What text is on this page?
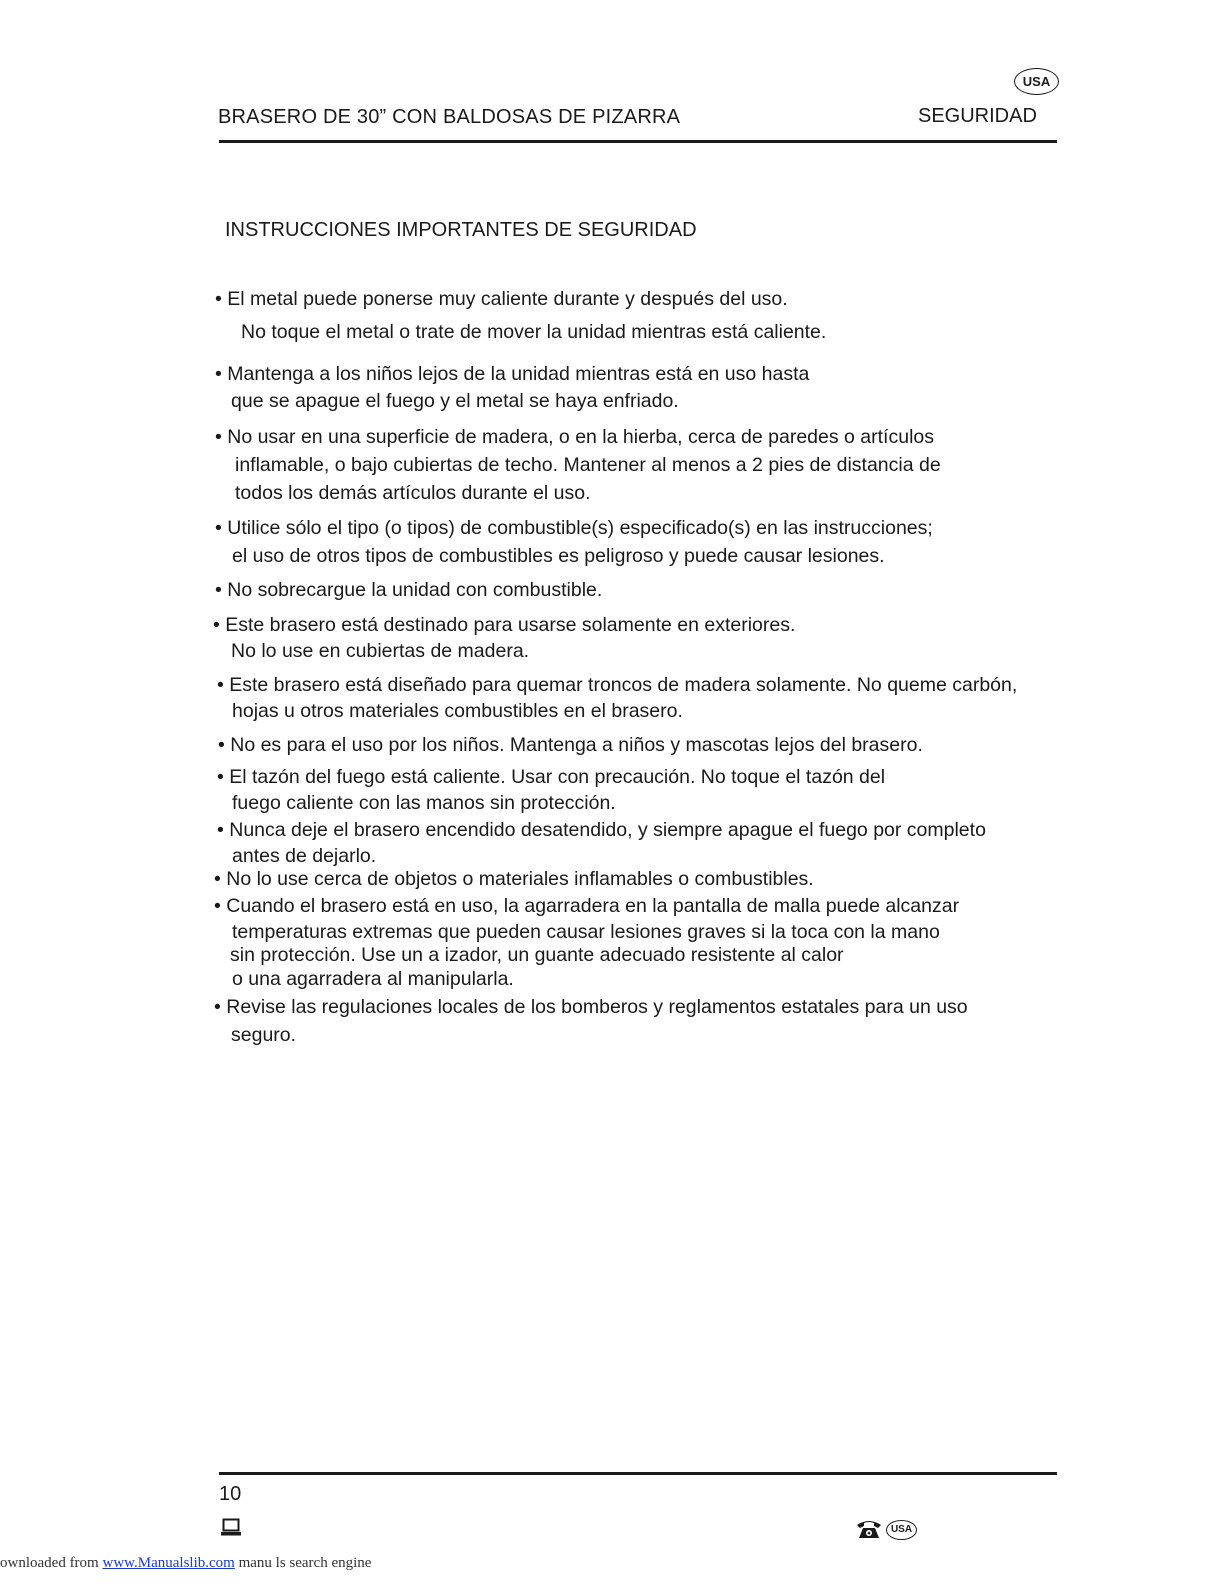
USA
BRASERO DE 30” CON BALDOSAS DE PIZARRA	SEGURIDAD
INSTRUCCIONES IMPORTANTES DE SEGURIDAD
• El metal puede ponerse muy caliente durante y después del uso.
No toque el metal o trate de mover la unidad mientras está caliente.
• Mantenga a los niños lejos de la unidad mientras está en uso hasta
que se apague el fuego y el metal se haya enfriado.
• No usar en una superficie de madera, o en la hierba, cerca de paredes o artículos
inflamable, o bajo cubiertas de techo. Mantener al menos a 2 pies de distancia de
todos los demás artículos durante el uso.
• Utilice sólo el tipo (o tipos) de combustible(s) especificado(s) en las instrucciones;
el uso de otros tipos de combustibles es peligroso y puede causar lesiones.
• No sobrecargue la unidad con combustible.
• Este brasero está destinado para usarse solamente en exteriores.
No lo use en cubiertas de madera.
• Este brasero está diseñado para quemar troncos de madera solamente. No queme carbón,
hojas u otros materiales combustibles en el brasero.
• No es para el uso por los niños. Mantenga a niños y mascotas lejos del brasero.
• El tazón del fuego está caliente. Usar con precaución. No toque el tazón del
fuego caliente con las manos sin protección.
• Nunca deje el brasero encendido desatendido, y siempre apague el fuego por completo
antes de dejarlo.
• No lo use cerca de objetos o materiales inflamables o combustibles.
• Cuando el brasero está en uso, la agarradera en la pantalla de malla puede alcanzar
temperaturas extremas que pueden causar lesiones graves si la toca con la mano
sin protección. Use un a izador, un guante adecuado resistente al calor
o una agarradera al manipularla.
• Revise las regulaciones locales de los bomberos y reglamentos estatales para un uso
seguro.
10
USA
ownloaded from www.Manualslib.com manu ls search engine
